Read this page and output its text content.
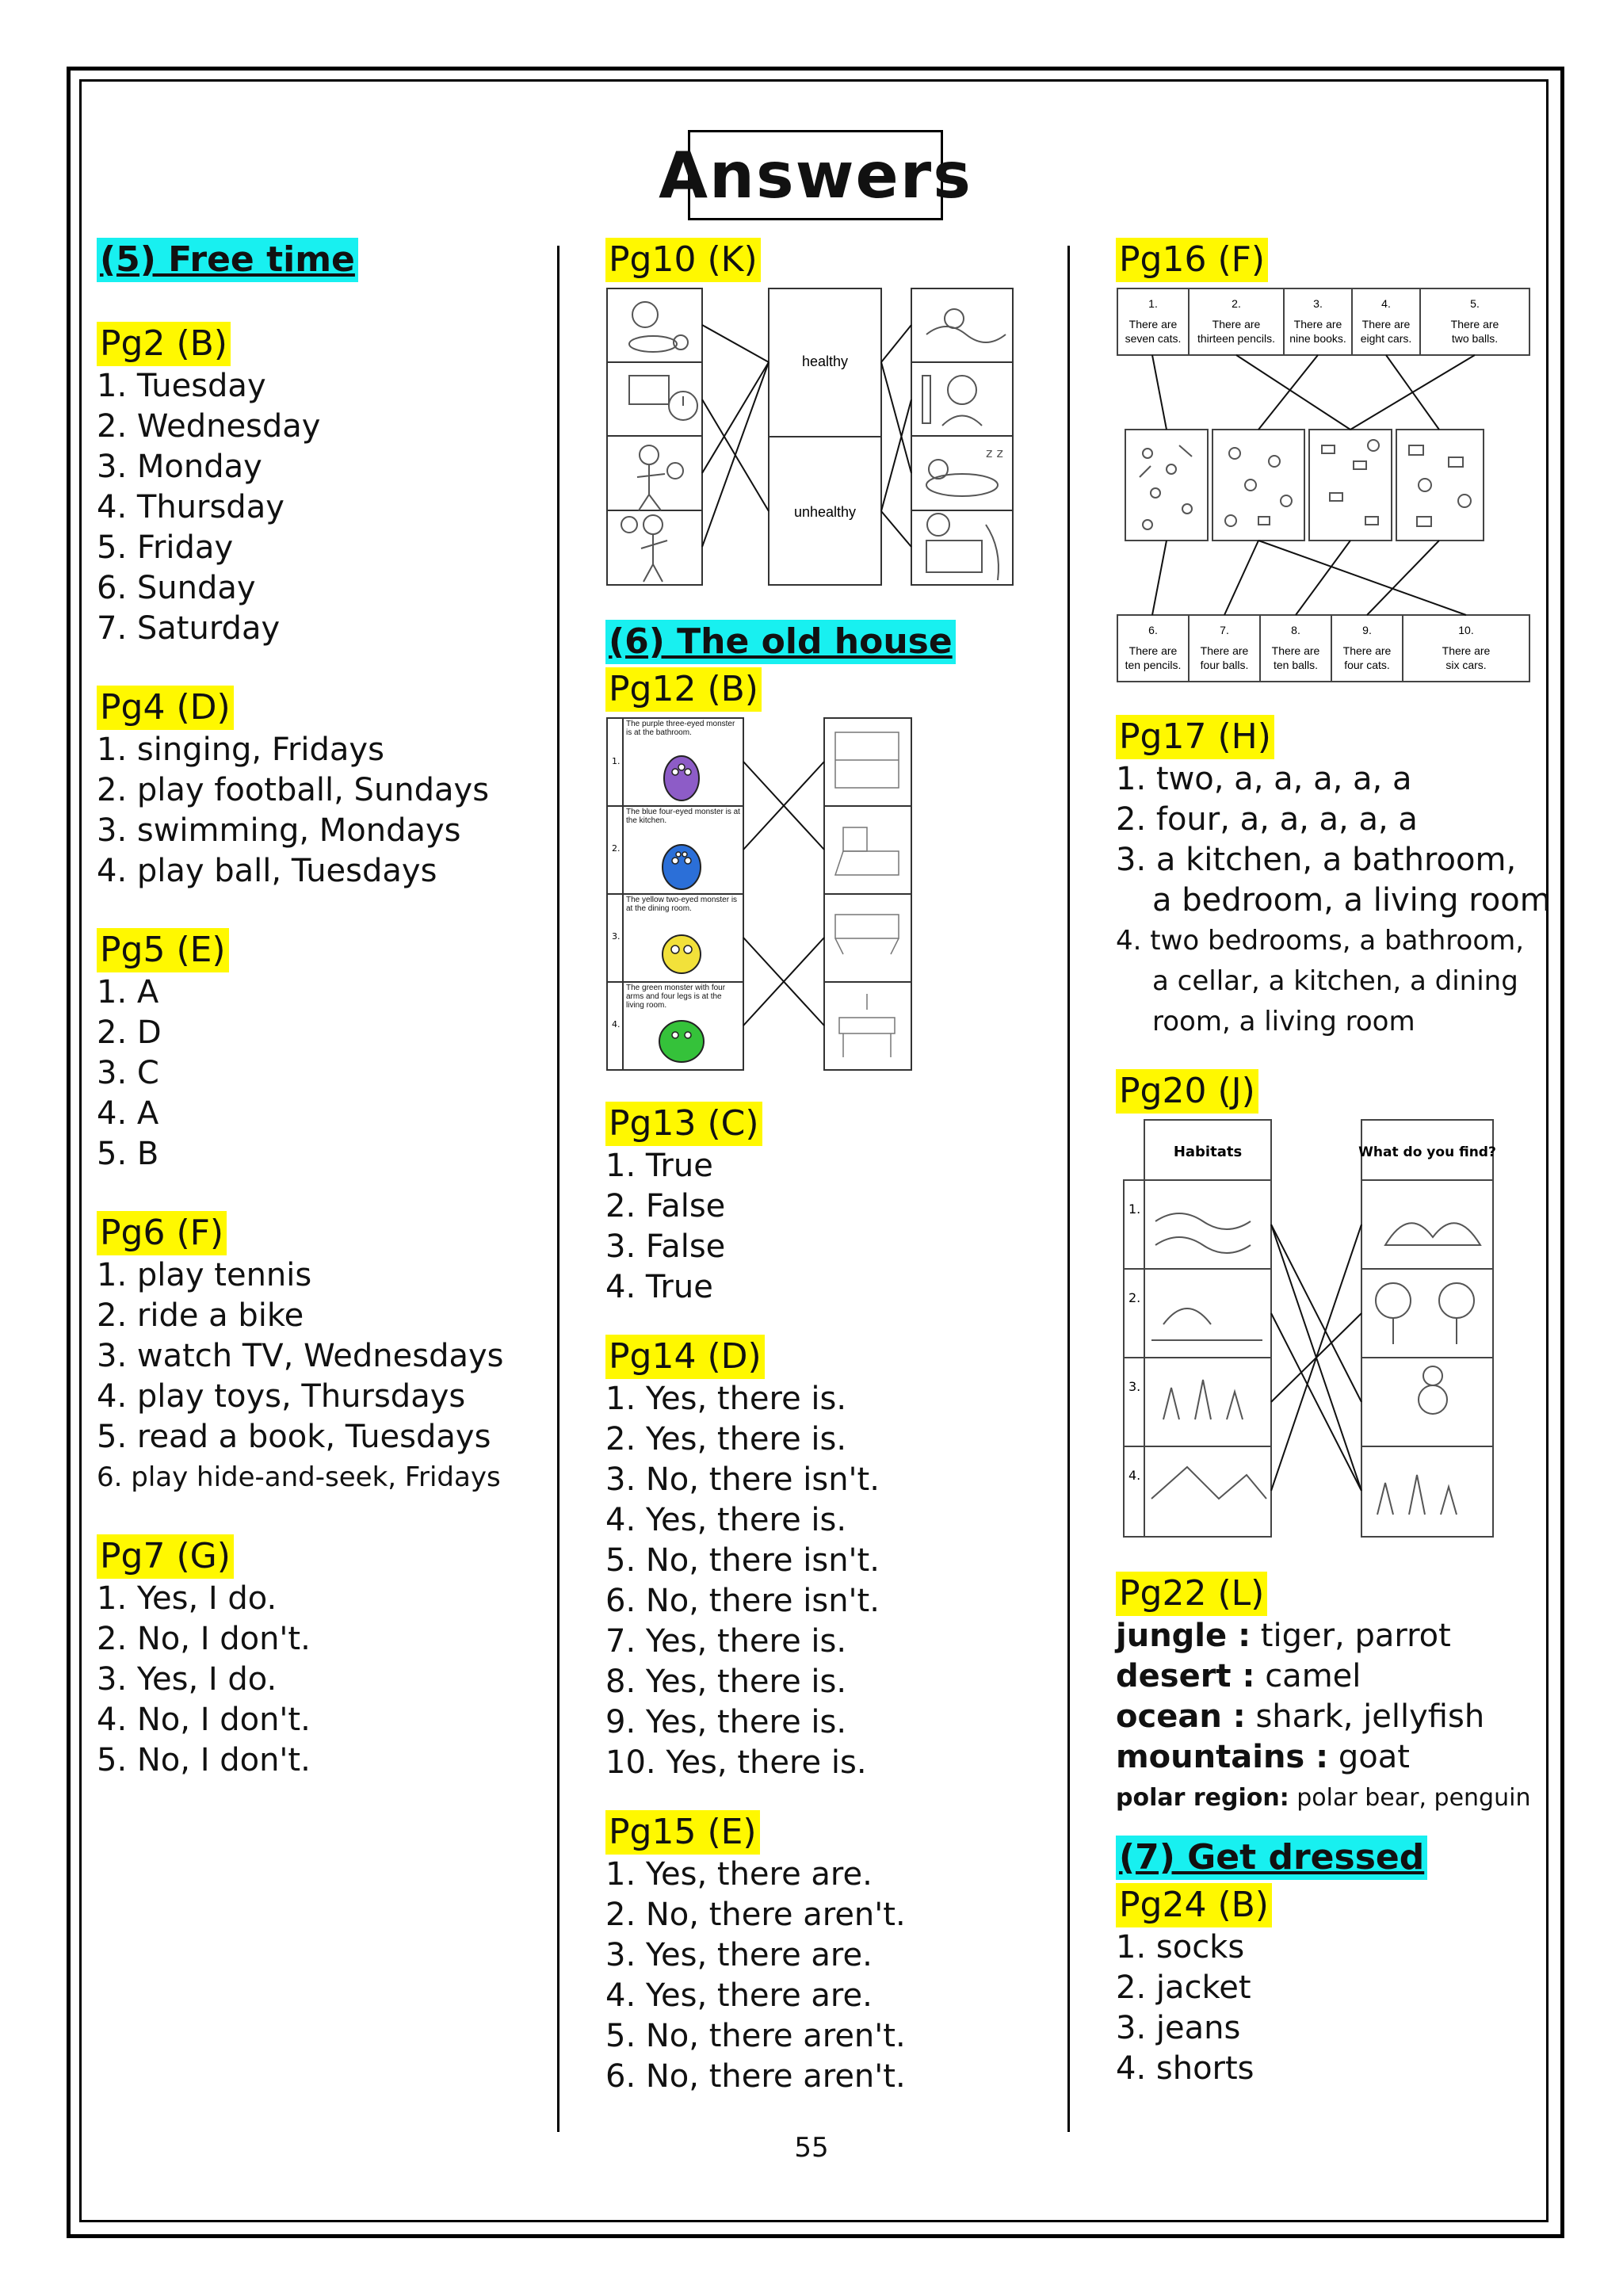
Answers
(5) Free time
Pg2 (B)
1. Tuesday
2. Wednesday
3. Monday
4. Thursday
5. Friday
6. Sunday
7. Saturday
Pg4 (D)
1. singing, Fridays
2. play football, Sundays
3. swimming, Mondays
4. play ball, Tuesdays
Pg5 (E)
1. A
2. D
3. C
4. A
5. B
Pg6 (F)
1. play tennis
2. ride a bike
3. watch TV, Wednesdays
4. play toys, Thursdays
5. read a book, Tuesdays
6. play hide-and-seek, Fridays
Pg7 (G)
1. Yes, I do.
2. No, I don't.
3. Yes, I do.
4. No, I don't.
5. No, I don't.
Pg10 (K)
z z
healthy
unhealthy
(6) The old house
Pg12 (B)
1.
2.
3.
4.
The purple three-eyed monster is at the bathroom.
The blue four-eyed monster is at the kitchen.
The yellow two-eyed monster is at the dining room.
The green monster with four arms and four legs is at the living room.
Pg13 (C)
1. True
2. False
3. False
4. True
Pg14 (D)
1. Yes, there is.
2. Yes, there is.
3. No, there isn't.
4. Yes, there is.
5. No, there isn't.
6. No, there isn't.
7. Yes, there is.
8. Yes, there is.
9. Yes, there is.
10. Yes, there is.
Pg15 (E)
1. Yes, there are.
2. No, there aren't.
3. Yes, there are.
4. Yes, there are.
5. No, there aren't.
6. No, there aren't.
Pg16 (F)
1.
There are
seven cats.
2.
There are
thirteen pencils.
3.
There are
nine books.
4.
There are
eight cars.
5.
There are
two balls.
6.
There are
ten pencils.
7.
There are
four balls.
8.
There are
ten balls.
9.
There are
four cats.
10.
There are
six cars.
Pg17 (H)
1. two, a, a, a, a, a
2. four, a, a, a, a, a
3. a kitchen, a bathroom,
a bedroom, a living room
4. two bedrooms, a bathroom,
a cellar, a kitchen, a dining
room, a living room
Pg20 (J)
Habitats	What do you find?
1.
2.
3.
4.
Pg22 (L)
jungle : tiger, parrot
desert : camel
ocean : shark, jellyfish
mountains : goat
polar region: polar bear, penguin
(7) Get dressed

Pg24 (B)
1. socks
2. jacket
3. jeans
4. shorts
55
